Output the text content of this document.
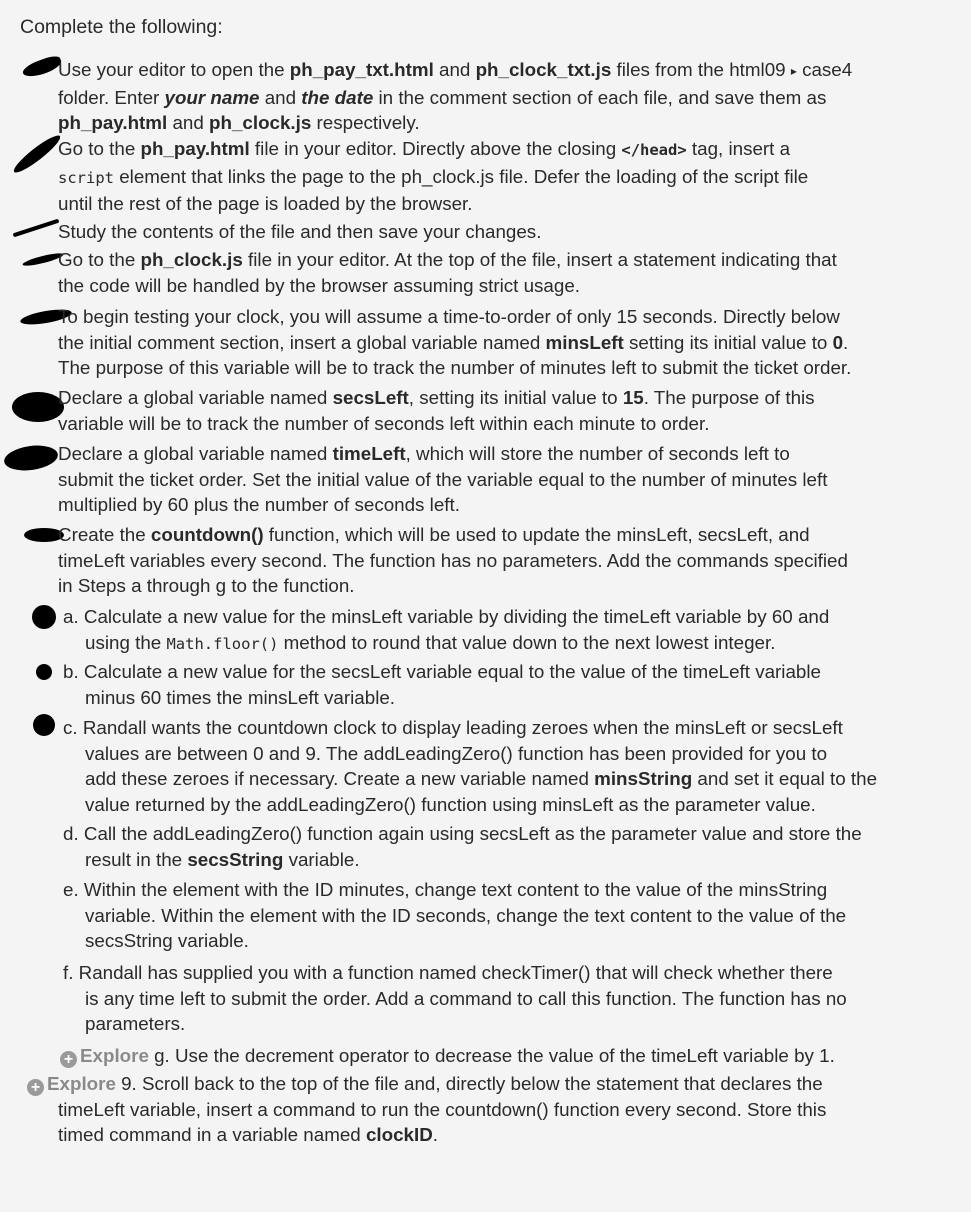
Complete the following:
Use your editor to open the ph_pay_txt.html and ph_clock_txt.js files from the html09 ▸ case4
folder. Enter your name and the date in the comment section of each file, and save them as
ph_pay.html and ph_clock.js respectively.
Go to the ph_pay.html file in your editor. Directly above the closing </head> tag, insert a
script element that links the page to the ph_clock.js file. Defer the loading of the script file
until the rest of the page is loaded by the browser.
Study the contents of the file and then save your changes.
Go to the ph_clock.js file in your editor. At the top of the file, insert a statement indicating that
the code will be handled by the browser assuming strict usage.
To begin testing your clock, you will assume a time-to-order of only 15 seconds. Directly below
the initial comment section, insert a global variable named minsLeft setting its initial value to 0.
The purpose of this variable will be to track the number of minutes left to submit the ticket order.
Declare a global variable named secsLeft, setting its initial value to 15. The purpose of this
variable will be to track the number of seconds left within each minute to order.
Declare a global variable named timeLeft, which will store the number of seconds left to
submit the ticket order. Set the initial value of the variable equal to the number of minutes left
multiplied by 60 plus the number of seconds left.
Create the countdown() function, which will be used to update the minsLeft, secsLeft, and
timeLeft variables every second. The function has no parameters. Add the commands specified
in Steps a through g to the function.
a. Calculate a new value for the minsLeft variable by dividing the timeLeft variable by 60 and
using the Math.floor() method to round that value down to the next lowest integer.
b. Calculate a new value for the secsLeft variable equal to the value of the timeLeft variable
minus 60 times the minsLeft variable.
c. Randall wants the countdown clock to display leading zeroes when the minsLeft or secsLeft
values are between 0 and 9. The addLeadingZero() function has been provided for you to
add these zeroes if necessary. Create a new variable named minsString and set it equal to the
value returned by the addLeadingZero() function using minsLeft as the parameter value.
d. Call the addLeadingZero() function again using secsLeft as the parameter value and store the
result in the secsString variable.
e. Within the element with the ID minutes, change text content to the value of the minsString
variable. Within the element with the ID seconds, change the text content to the value of the
secsString variable.
f. Randall has supplied you with a function named checkTimer() that will check whether there
is any time left to submit the order. Add a command to call this function. The function has no
parameters.
+ Explore g. Use the decrement operator to decrease the value of the timeLeft variable by 1.
+ Explore 9. Scroll back to the top of the file and, directly below the statement that declares the
timeLeft variable, insert a command to run the countdown() function every second. Store this
timed command in a variable named clockID.
